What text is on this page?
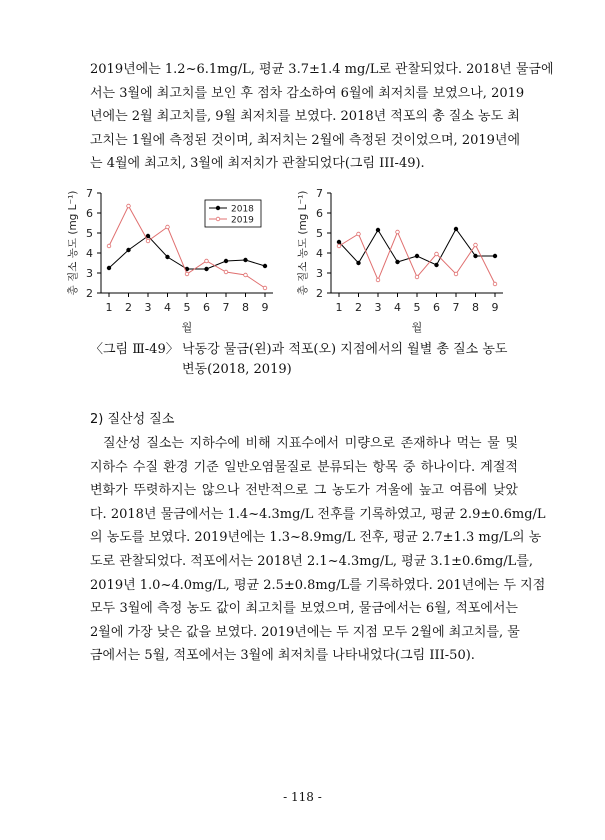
2019년에는 1.2~6.1mg/L, 평균 3.7±1.4 mg/L로 관찰되었다. 2018년 물금에
서는 3월에 최고치를 보인 후 점차 감소하여 6월에 최저치를 보였으나, 2019
년에는 2월 최고치를, 9월 최저치를 보였다. 2018년 적포의 총 질소 농도 최
고치는 1월에 측정된 것이며, 최저치는 2월에 측정된 것이었으며, 2019년에
는 4월에 최고치, 3월에 최저치가 관찰되었다(그림 III-49).
2
3
4
5
6
7
1 2 3 4 5 6 7 8 9
월
총 질소 농도 (mg L⁻¹)	2018
2019
2
3
4
5
6
7
1 2 3 4 5 6 7 8 9
월
총 질소 농도 (mg L⁻¹)
〈그림 Ⅲ-49〉 낙동강 물금(왼)과 적포(오) 지점에서의 월별 총 질소 농도
변동(2018, 2019)
2) 질산성 질소
질산성 질소는 지하수에 비해 지표수에서 미량으로 존재하나 먹는 물 및
지하수 수질 환경 기준 일반오염물질로 분류되는 항목 중 하나이다. 계절적
변화가 뚜렷하지는 않으나 전반적으로 그 농도가 겨울에 높고 여름에 낮았
다. 2018년 물금에서는 1.4~4.3mg/L 전후를 기록하였고, 평균 2.9±0.6mg/L
의 농도를 보였다. 2019년에는 1.3~8.9mg/L 전후, 평균 2.7±1.3 mg/L의 농
도로 관찰되었다. 적포에서는 2018년 2.1~4.3mg/L, 평균 3.1±0.6mg/L를,
2019년 1.0~4.0mg/L, 평균 2.5±0.8mg/L를 기록하였다. 201년에는 두 지점
모두 3월에 측정 농도 값이 최고치를 보였으며, 물금에서는 6월, 적포에서는
2월에 가장 낮은 값을 보였다. 2019년에는 두 지점 모두 2월에 최고치를, 물
금에서는 5월, 적포에서는 3월에 최저치를 나타내었다(그림 III-50).
- 118 -
